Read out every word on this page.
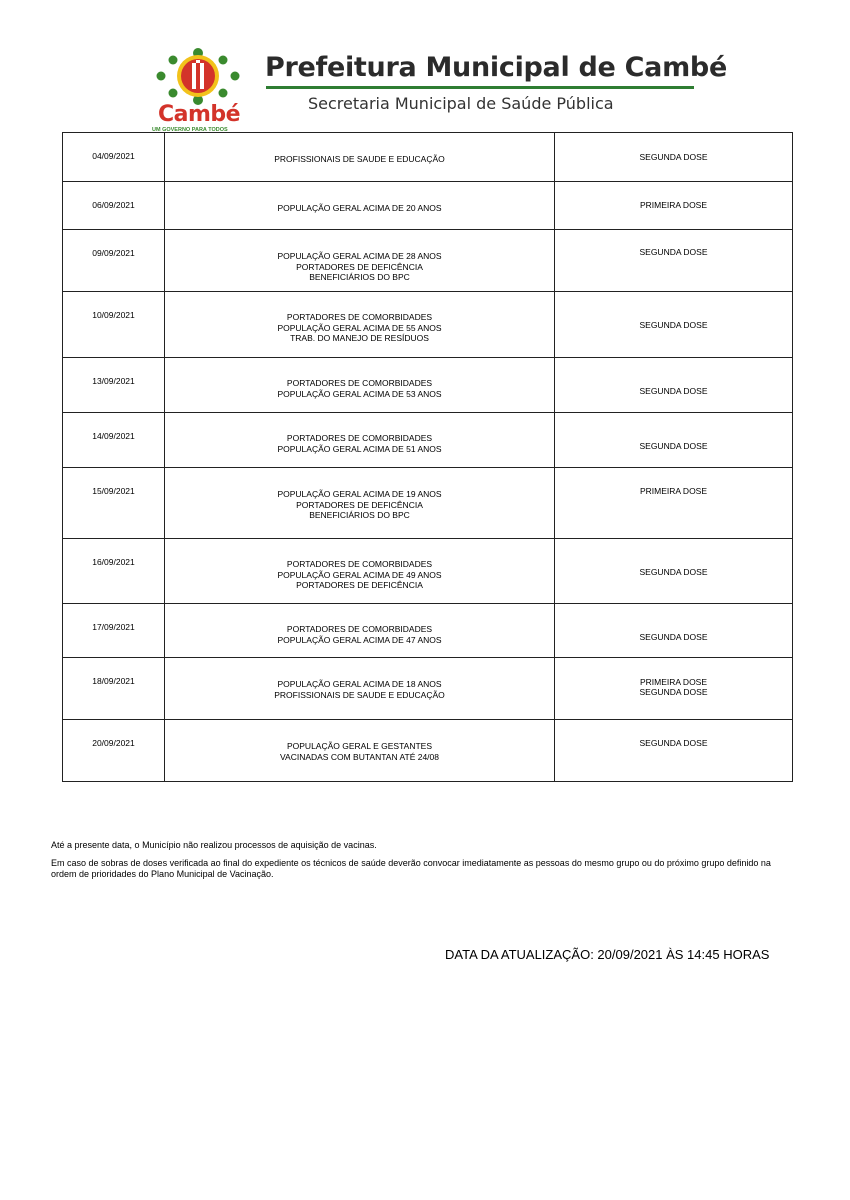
Cambé
UM GOVERNO PARA TODOS
Prefeitura Municipal de Cambé
Secretaria Municipal de Saúde Pública
04/09/2021	PROFISSIONAIS DE SAUDE E EDUCAÇÃO	SEGUNDA DOSE

06/09/2021	POPULAÇÃO GERAL ACIMA DE 20 ANOS	PRIMEIRA DOSE

09/09/2021	POPULAÇÃO GERAL ACIMA DE 28 ANOS
PORTADORES DE DEFICÊNCIA
BENEFICIÁRIOS DO BPC	SEGUNDA DOSE

10/09/2021	PORTADORES DE COMORBIDADES
POPULAÇÃO GERAL ACIMA DE 55 ANOS
TRAB. DO MANEJO DE RESÍDUOS	SEGUNDA DOSE

13/09/2021	PORTADORES DE COMORBIDADES
POPULAÇÃO GERAL ACIMA DE 53 ANOS	SEGUNDA DOSE

14/09/2021	PORTADORES DE COMORBIDADES
POPULAÇÃO GERAL ACIMA DE 51 ANOS	SEGUNDA DOSE

15/09/2021	POPULAÇÃO GERAL ACIMA DE 19 ANOS
PORTADORES DE DEFICÊNCIA
BENEFICIÁRIOS DO BPC	PRIMEIRA DOSE

16/09/2021	PORTADORES DE COMORBIDADES
POPULAÇÃO GERAL ACIMA DE 49 ANOS
PORTADORES DE DEFICÊNCIA	SEGUNDA DOSE

17/09/2021	PORTADORES DE COMORBIDADES
POPULAÇÃO GERAL ACIMA DE 47 ANOS	SEGUNDA DOSE

18/09/2021	POPULAÇÃO GERAL ACIMA DE 18 ANOS
PROFISSIONAIS DE SAUDE E EDUCAÇÃO	PRIMEIRA DOSE
SEGUNDA DOSE

20/09/2021	POPULAÇÃO GERAL E GESTANTES
VACINADAS COM BUTANTAN ATÉ 24/08	SEGUNDA DOSE

Até a presente data, o Município não realizou processos de aquisição de vacinas.

Em caso de sobras de doses verificada ao final do expediente os técnicos de saúde deverão convocar imediatamente as pessoas do mesmo grupo ou do próximo grupo definido na ordem de prioridades do Plano Municipal de Vacinação.

DATA DA ATUALIZAÇÃO: 20/09/2021 ÀS 14:45 HORAS
